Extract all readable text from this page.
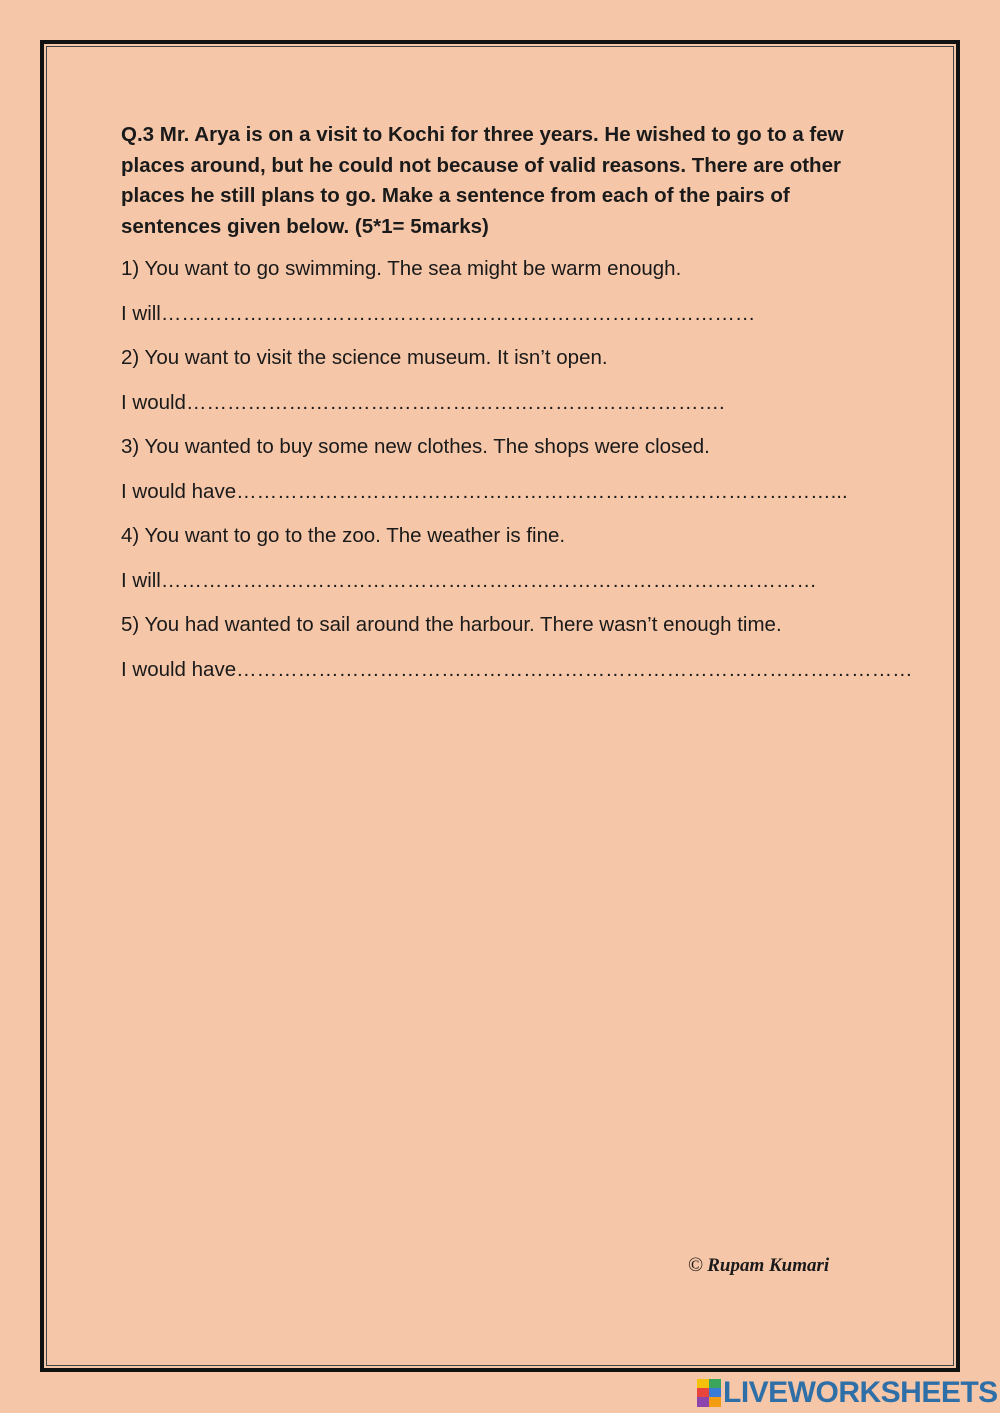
Q.3 Mr. Arya is on a visit to Kochi for three years. He wished to go to a few places around, but he could not because of valid reasons. There are other places he still plans to go. Make a sentence from each of the pairs of sentences given below. (5*1= 5marks)

1) You want to go swimming. The sea might be warm enough.

I will……………………………………………………………………………

2) You want to visit the science museum. It isn’t open.

I would…………………………………………………………………….

3) You wanted to buy some new clothes. The shops were closed.

I would have……………………………………………………………………………...

4) You want to go to the zoo. The weather is fine.

I will……………………………………………………………………………………

5) You had wanted to sail around the harbour. There wasn’t enough time.

I would have………………………………………………………………………………………

© Rupam Kumari
LIVEWORKSHEETS
